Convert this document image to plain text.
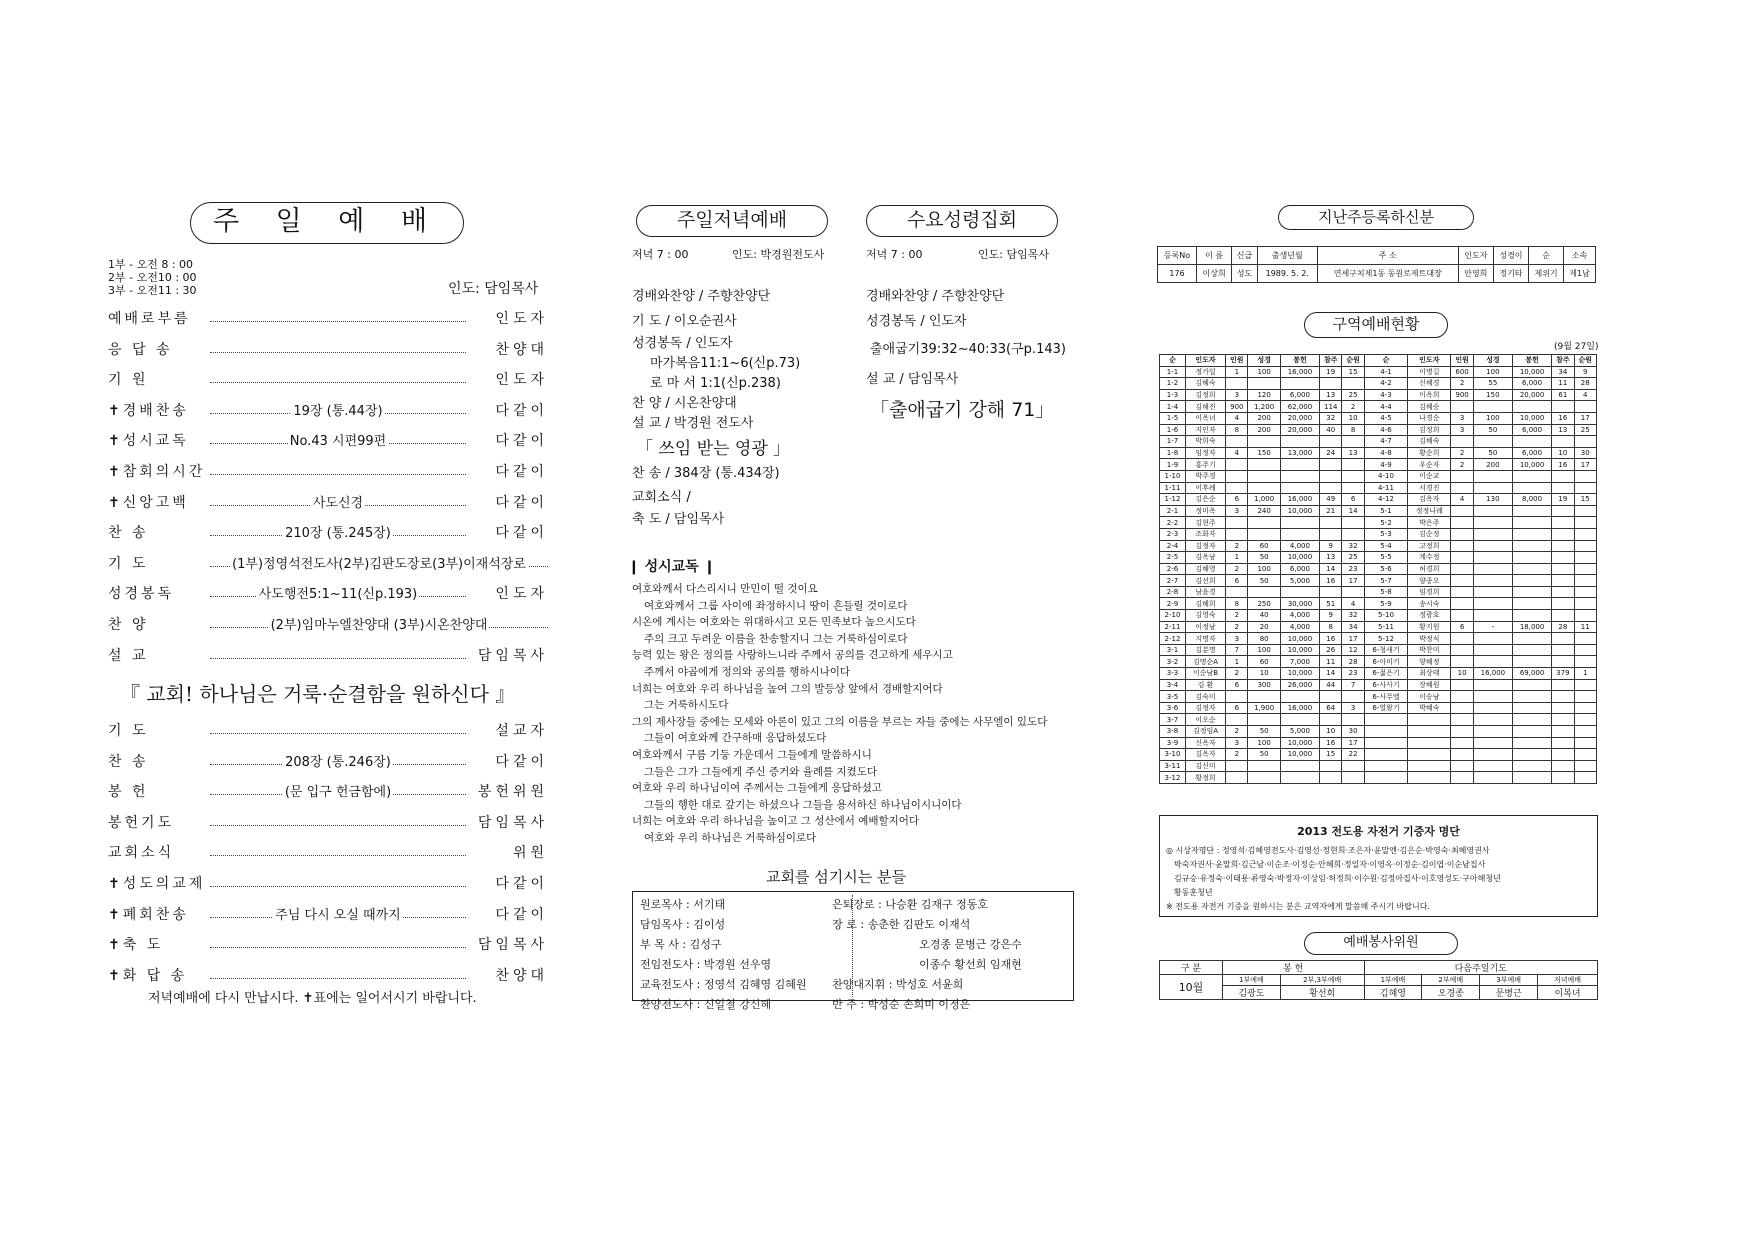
주 일 예 배
1부 - 오전 8 : 00
2부 - 오전10 : 00
3부 - 오전11 : 30	인도: 담임목사
예배로부름	인도자
응 답 송	찬양대
기 원	인도자
✝경배찬송	19장 (통.44장)	다같이
✝성시교독	No.43 시편99편	다같이
✝참회의시간	다같이
✝신앙고백	사도신경	다같이
찬 송	210장 (통.245장)	다같이
기 도	(1부)정영석전도사(2부)김판도장로(3부)이재석장로
성경봉독	사도행전5:1~11(신p.193)	인도자
찬 양	(2부)임마누엘찬양대 (3부)시온찬양대
설 교	담임목사
『 교회! 하나님은 거룩·순결함을 원하신다 』
기 도	설교자
찬 송	208장 (통.246장)	다같이
봉 헌	(문 입구 헌금함에)	봉헌위원
봉헌기도	담임목사
교회소식	위원
✝성도의교제	다같이
✝폐회찬송	주님 다시 오실 때까지	다같이
✝축 도	담임목사
✝화 답 송	찬양대
저녁예배에 다시 만납시다. ✝표에는 일어서시기 바랍니다.
주일저녁예배	수요성령집회
저녁 7 : 00	인도: 박경원전도사	저녁 7 : 00	인도: 담임목사
경배와찬양 / 주향찬양단
기 도 / 이오순권사
성경봉독 / 인도자
마가복음11:1~6(신p.73)
로 마 서 1:1(신p.238)
찬 양 / 시온찬양대
설 교 / 박경원 전도사
「 쓰임 받는 영광 」
찬 송 / 384장 (통.434장)
교회소식 /
축 도 / 담임목사
경배와찬양 / 주향찬양단
성경봉독 / 인도자
출애굽기39:32~40:33(구p.143)
설 교 / 담임목사
「출애굽기 강해 71」
❙ 성시교독 ❙
여호와께서 다스리시니 만민이 떨 것이요
여호와께서 그룹 사이에 좌정하시니 땅이 흔들릴 것이로다
시온에 계시는 여호와는 위대하시고 모든 민족보다 높으시도다
주의 크고 두려운 이름을 찬송할지니 그는 거룩하심이로다
능력 있는 왕은 정의를 사랑하느니라 주께서 공의를 견고하게 세우시고
주께서 야곱에게 정의와 공의를 행하시나이다
너희는 여호와 우리 하나님을 높여 그의 발등상 앞에서 경배할지어다
그는 거룩하시도다
그의 제사장들 중에는 모세와 아론이 있고 그의 이름을 부르는 자들 중에는 사무엘이 있도다
그들이 여호와께 간구하매 응답하셨도다
여호와께서 구름 기둥 가운데서 그들에게 말씀하시니
그들은 그가 그들에게 주신 증거와 율례를 지켰도다
여호와 우리 하나님이여 주께서는 그들에게 응답하셨고
그들의 행한 대로 갚기는 하셨으나 그들을 용서하신 하나님이시니이다
너희는 여호와 우리 하나님을 높이고 그 성산에서 예배할지어다
여호와 우리 하나님은 거룩하심이로다
교회를 섬기시는 분들
원로목사 : 서기태	은퇴장로 : 나승환 김재구 정동호
담임목사 : 김이성	장 로 : 송춘한 김판도 이재석
부 목 사 : 김성구	오경종 문병근 강은수
전임전도사 : 박경원 선우영	이종수 황선희 임재현
교육전도사 : 정영석 김혜영 김혜원	찬양대지휘 : 박성호 서윤희
찬양전도사 : 신일철 강신혜	반 주 : 박성순 손희미 이정은
지난주등록하신분
등록No	이 름	신급	출생년월	주 소	인도자	성경이	순	소속
176	이상희	성도	1989. 5. 2.	연세구치제1동 동원로제트대장	안영희	정기타	제위기	제1남
구역예배현황
(9월 27일)
순	인도자	인원	성경	봉헌	참주	순원	순	인도자	인원	성경	봉헌	참주	순원
1-1	정가일	1	100	16,000	19	15	4-1	이명길	600	100	10,000	34	9
1-2	김혜숙						4-2	신혜경	2	55	6,000	11	28
1-3	김정희	3	120	6,000	13	25	4-3	이옥희	900	150	20,000	61	4
1-4	김해진	900	1,200	62,000	114	2	4-4	김혜승					
1-5	이옥녀	4	200	20,000	32	10	4-5	나경순	3	100	10,000	16	17
1-6	지인자	8	200	20,000	40	8	4-6	김정희	3	50	6,000	13	25
1-7	박희숙						4-7	김혜숙					
1-8	임정자	4	150	13,000	24	13	4-8	황순희	2	50	6,000	10	30
1-9	홍주기						4-9	우순자	2	200	10,000	16	17
1-10	박주경						4-10	이순교					
1-11	이후례						4-11	서경진					
1-12	김은순	6	1,000	16,000	49	6	4-12	김옥자	4	130	8,000	19	15
2-1	정미옥	3	240	10,000	21	14	5-1	정정나례					
2-2	김현주						5-2	박은주					
2-3	조화자						5-3	김순정					
2-4	김정자	2	60	4,000	9	32	5-4	고정희					
2-5	김옥남	1	50	10,000	13	25	5-5	계수정					
2-6	김혜영	2	100	6,000	14	23	5-6	허경희					
2-7	김선희	6	50	5,000	16	17	5-7	양종오					
2-8	남윤경						5-8	임경희					
2-9	김혜희	8	250	30,000	51	4	5-9	송시숙					
2-10	김영숙	2	40	4,000	9	32	5-10	정광호					
2-11	이정남	2	20	4,000	8	34	5-11	황지원	6	-	18,000	28	11
2-12	지명자	3	80	10,000	16	17	5-12	박정식					
3-1	김분명	7	100	10,000	26	12	6-청새기	박찬미					
3-2	김명순A	1	60	7,000	11	28	6-아미기	양혜정					
3-3	이순남B	2	10	10,000	14	23	6-젊은기	최상태	10	16,000	69,000	379	1
3-4	김 환	6	300	26,000	44	7	6-사사기	장혜원					
3-5	김숙미						6-사무엘	이승남					
3-6	김정자	6	1,900	16,000	64	3	6-열왕기	박혜숙					
3-7	이오순												
3-8	김정임A	2	50	5,000	10	30							
3-9	신옥자	3	100	10,000	16	17							
3-10	김옥자	2	50	10,000	15	22							
3-11	김신미												
3-12	황정희												
2013 전도용 자전거 기증자 명단
◎ 시상자명단 : 정영석·김혜영전도사·김영선·정현희·조은자·윤말엔·김은순·박영숙·최혜영권사
박숙자권사·윤말희·김근남·이순조·이정순·안혜희·정일자·이영옥·이정순·김이엽·이순남집사
김규승·유정숙·이태용·류영숙·박정자·이상임·허정희·이수원·김정아집사·이호영성도·구아해청년
황동훈청년
※ 전도용 자전거 기증을 원하시는 분은 교역자에게 말씀해 주시기 바랍니다.
예배봉사위원
구 분	봉 헌		다음주일기도			
10월	1부예배	2부,3부예배	1부예배	2부예배	3부예배	저녁예배
	김광도	황선희	김혜영	오경종	문병근	이복녀
